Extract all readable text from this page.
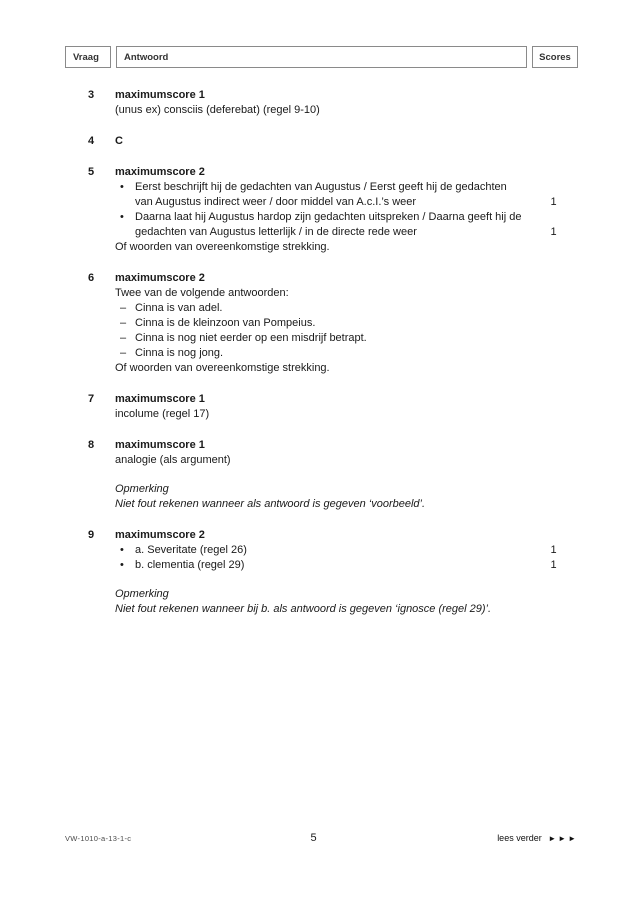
Vraag	Antwoord	Scores
3	maximumscore 1
(unus ex) consciis (deferebat) (regel 9-10)
4	C
5	maximumscore 2
•	Eerst beschrijft hij de gedachten van Augustus / Eerst geeft hij de gedachten van Augustus indirect weer / door middel van A.c.I.’s weer	1
•	Daarna laat hij Augustus hardop zijn gedachten uitspreken / Daarna geeft hij de gedachten van Augustus letterlijk / in de directe rede weer	1
Of woorden van overeenkomstige strekking.
6	maximumscore 2
Twee van de volgende antwoorden:
– Cinna is van adel.
– Cinna is de kleinzoon van Pompeius.
– Cinna is nog niet eerder op een misdrijf betrapt.
– Cinna is nog jong.
Of woorden van overeenkomstige strekking.
7	maximumscore 1
incolume (regel 17)
8	maximumscore 1
analogie (als argument)
Opmerking
Niet fout rekenen wanneer als antwoord is gegeven ‘voorbeeld’.
9	maximumscore 2
•	a. Severitate (regel 26)	1
•	b. clementia (regel 29)	1
Opmerking
Niet fout rekenen wanneer bij b. als antwoord is gegeven ‘ignosce (regel 29)’.
VW-1010-a-13-1-c	5	lees verder ►►►
